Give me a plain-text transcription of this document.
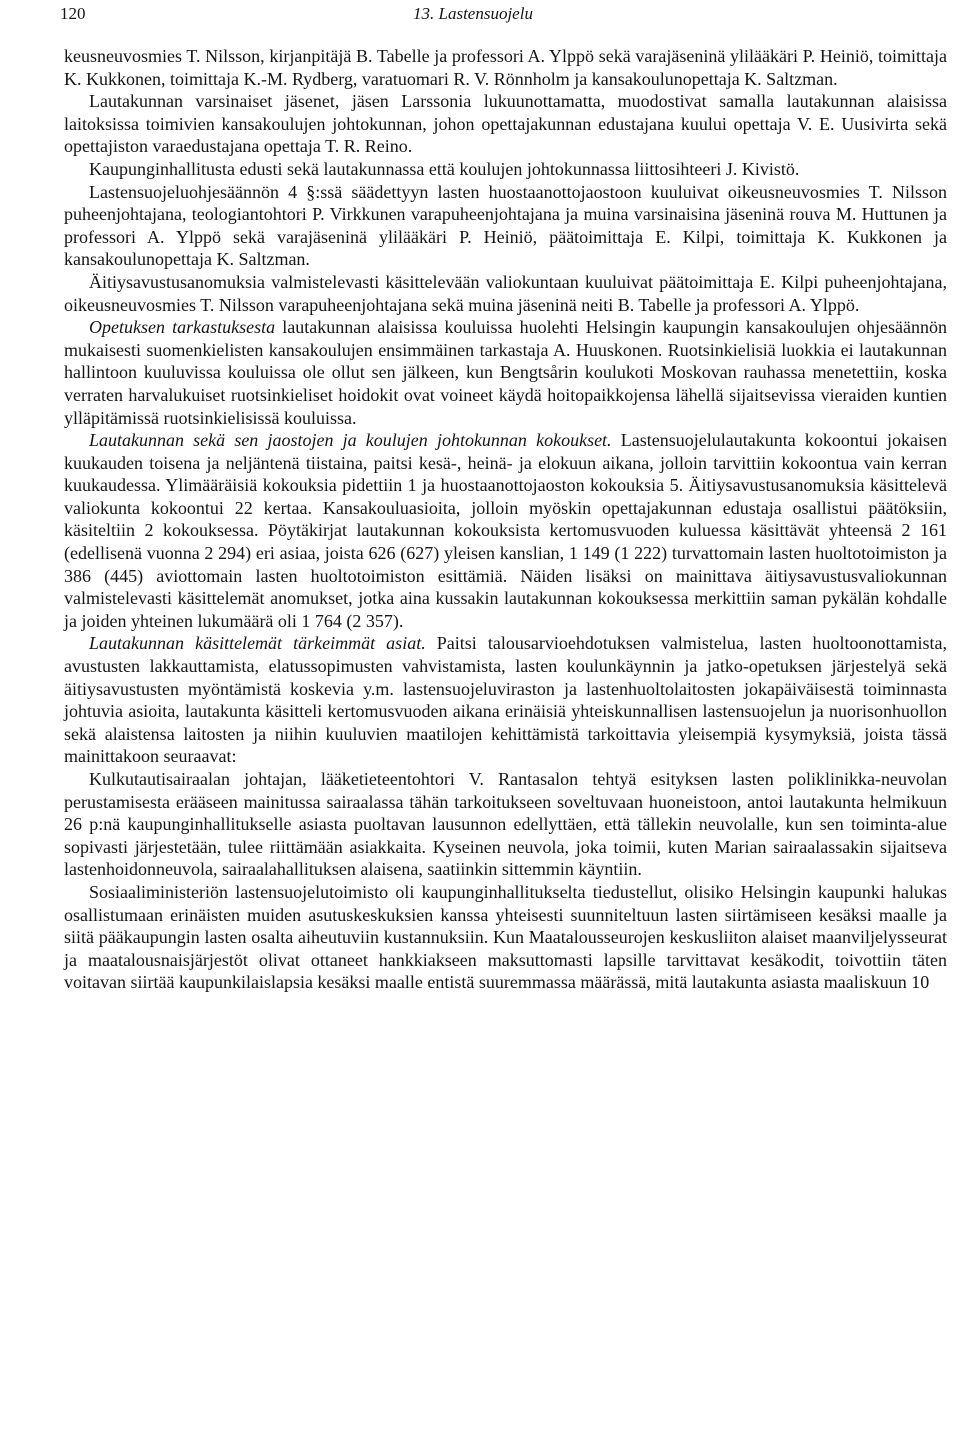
120	13. Lastensuojelu

keusneuvosmies T. Nilsson, kirjanpitäjä B. Tabelle ja professori A. Ylppö sekä varajäseninä ylilääkäri P. Heiniö, toimittaja K. Kukkonen, toimittaja K.-M. Rydberg, varatuomari R. V. Rönnholm ja kansakoulunopettaja K. Saltzman.

Lautakunnan varsinaiset jäsenet, jäsen Larssonia lukuunottamatta, muodostivat samalla lautakunnan alaisissa laitoksissa toimivien kansakoulujen johtokunnan, johon opettajakunnan edustajana kuului opettaja V. E. Uusivirta sekä opettajiston varaedustajana opettaja T. R. Reino.

Kaupunginhallitusta edusti sekä lautakunnassa että koulujen johtokunnassa liittosihteeri J. Kivistö.

Lastensuojeluohjesäännön 4 §:ssä säädettyyn lasten huostaanottojaostoon kuuluivat oikeusneuvosmies T. Nilsson puheenjohtajana, teologiantohtori P. Virkkunen varapuheenjohtajana ja muina varsinaisina jäseninä rouva M. Huttunen ja professori A. Ylppö sekä varajäseninä ylilääkäri P. Heiniö, päätoimittaja E. Kilpi, toimittaja K. Kukkonen ja kansakoulunopettaja K. Saltzman.

Äitiysavustusanomuksia valmistelevasti käsittelevään valiokuntaan kuuluivat päätoimittaja E. Kilpi puheenjohtajana, oikeusneuvosmies T. Nilsson varapuheenjohtajana sekä muina jäseninä neiti B. Tabelle ja professori A. Ylppö.

Opetuksen tarkastuksesta lautakunnan alaisissa kouluissa huolehti Helsingin kaupungin kansakoulujen ohjesäännön mukaisesti suomenkielisten kansakoulujen ensimmäinen tarkastaja A. Huuskonen. Ruotsinkielisiä luokkia ei lautakunnan hallintoon kuuluvissa kouluissa ole ollut sen jälkeen, kun Bengtsårin koulukoti Moskovan rauhassa menetettiin, koska verraten harvalukuiset ruotsinkieliset hoidokit ovat voineet käydä hoitopaikkojensa lähellä sijaitsevissa vieraiden kuntien ylläpitämissä ruotsinkielisissä kouluissa.

Lautakunnan sekä sen jaostojen ja koulujen johtokunnan kokoukset. Lastensuojelulautakunta kokoontui jokaisen kuukauden toisena ja neljäntenä tiistaina, paitsi kesä-, heinä- ja elokuun aikana, jolloin tarvittiin kokoontua vain kerran kuukaudessa. Ylimääräisiä kokouksia pidettiin 1 ja huostaanottojaoston kokouksia 5. Äitiysavustusanomuksia käsittelevä valiokunta kokoontui 22 kertaa. Kansakouluasioita, jolloin myöskin opettajakunnan edustaja osallistui päätöksiin, käsiteltiin 2 kokouksessa. Pöytäkirjat lautakunnan kokouksista kertomusvuoden kuluessa käsittävät yhteensä 2 161 (edellisenä vuonna 2 294) eri asiaa, joista 626 (627) yleisen kanslian, 1 149 (1 222) turvattomain lasten huoltotoimiston ja 386 (445) aviottomain lasten huoltotoimiston esittämiä. Näiden lisäksi on mainittava äitiysavustusvaliokunnan valmistelevasti käsittelemät anomukset, jotka aina kussakin lautakunnan kokouksessa merkittiin saman pykälän kohdalle ja joiden yhteinen lukumäärä oli 1 764 (2 357).

Lautakunnan käsittelemät tärkeimmät asiat. Paitsi talousarvioehdotuksen valmistelua, lasten huoltoonottamista, avustusten lakkauttamista, elatussopimusten vahvistamista, lasten koulunkäynnin ja jatko-opetuksen järjestelyä sekä äitiysavustusten myöntämistä koskevia y.m. lastensuojeluviraston ja lastenhuoltolaitosten jokapäiväisestä toiminnasta johtuvia asioita, lautakunta käsitteli kertomusvuoden aikana erinäisiä yhteiskunnallisen lastensuojelun ja nuorisonhuollon sekä alaistensa laitosten ja niihin kuuluvien maatilojen kehittämistä tarkoittavia yleisempiä kysymyksiä, joista tässä mainittakoon seuraavat:

Kulkutautisairaalan johtajan, lääketieteentohtori V. Rantasalon tehtyä esityksen lasten poliklinikka-neuvolan perustamisesta erääseen mainitussa sairaalassa tähän tarkoitukseen soveltuvaan huoneistoon, antoi lautakunta helmikuun 26 p:nä kaupunginhallitukselle asiasta puoltavan lausunnon edellyttäen, että tällekin neuvolalle, kun sen toiminta-alue sopivasti järjestetään, tulee riittämään asiakkaita. Kyseinen neuvola, joka toimii, kuten Marian sairaalassakin sijaitseva lastenhoidonneuvola, sairaalahallituksen alaisena, saatiinkin sittemmin käyntiin.

Sosiaaliministeriön lastensuojelutoimisto oli kaupunginhallitukselta tiedustellut, olisiko Helsingin kaupunki halukas osallistumaan erinäisten muiden asutuskeskuksien kanssa yhteisesti suunniteltuun lasten siirtämiseen kesäksi maalle ja siitä pääkaupungin lasten osalta aiheutuviin kustannuksiin. Kun Maatalousseurojen keskusliiton alaiset maanviljelysseurat ja maatalousnaisjärjestöt olivat ottaneet hankkiakseen maksuttomasti lapsille tarvittavat kesäkodit, toivottiin täten voitavan siirtää kaupunkilaislapsia kesäksi maalle entistä suuremmassa määrässä, mitä lautakunta asiasta maaliskuun 10
